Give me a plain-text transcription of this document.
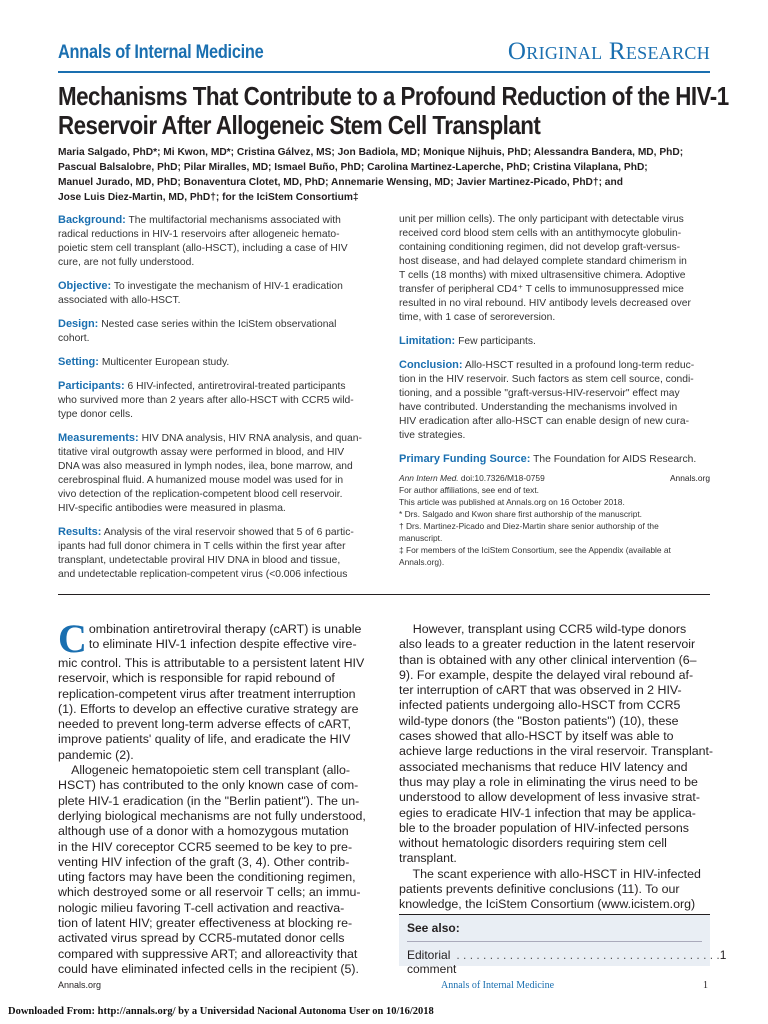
Annals of Internal Medicine	Original Research
Mechanisms That Contribute to a Profound Reduction of the HIV-1
Reservoir After Allogeneic Stem Cell Transplant
Maria Salgado, PhD*; Mi Kwon, MD*; Cristina Gálvez, MS; Jon Badiola, MD; Monique Nijhuis, PhD; Alessandra Bandera, MD, PhD;
Pascual Balsalobre, PhD; Pilar Miralles, MD; Ismael Buño, PhD; Carolina Martinez-Laperche, PhD; Cristina Vilaplana, PhD;
Manuel Jurado, MD, PhD; Bonaventura Clotet, MD, PhD; Annemarie Wensing, MD; Javier Martinez-Picado, PhD†; and
Jose Luis Diez-Martin, MD, PhD†; for the IciStem Consortium‡
Background: The multifactorial mechanisms associated with
radical reductions in HIV-1 reservoirs after allogeneic hemato-
poietic stem cell transplant (allo-HSCT), including a case of HIV
cure, are not fully understood.
Objective: To investigate the mechanism of HIV-1 eradication
associated with allo-HSCT.
Design: Nested case series within the IciStem observational
cohort.
Setting: Multicenter European study.
Participants: 6 HIV-infected, antiretroviral-treated participants
who survived more than 2 years after allo-HSCT with CCR5 wild-
type donor cells.
Measurements: HIV DNA analysis, HIV RNA analysis, and quan-
titative viral outgrowth assay were performed in blood, and HIV
DNA was also measured in lymph nodes, ilea, bone marrow, and
cerebrospinal fluid. A humanized mouse model was used for in
vivo detection of the replication-competent blood cell reservoir.
HIV-specific antibodies were measured in plasma.
Results: Analysis of the viral reservoir showed that 5 of 6 partic-
ipants had full donor chimera in T cells within the first year after
transplant, undetectable proviral HIV DNA in blood and tissue,
and undetectable replication-competent virus (<0.006 infectious
unit per million cells). The only participant with detectable virus
received cord blood stem cells with an antithymocyte globulin-
containing conditioning regimen, did not develop graft-versus-
host disease, and had delayed complete standard chimerism in
T cells (18 months) with mixed ultrasensitive chimera. Adoptive
transfer of peripheral CD4⁺ T cells to immunosuppressed mice
resulted in no viral rebound. HIV antibody levels decreased over
time, with 1 case of seroreversion.
Limitation: Few participants.
Conclusion: Allo-HSCT resulted in a profound long-term reduc-
tion in the HIV reservoir. Such factors as stem cell source, condi-
tioning, and a possible "graft-versus-HIV-reservoir" effect may
have contributed. Understanding the mechanisms involved in
HIV eradication after allo-HSCT can enable design of new cura-
tive strategies.
Primary Funding Source: The Foundation for AIDS Research.
Ann Intern Med. doi:10.7326/M18-0759	Annals.org
For author affiliations, see end of text.
This article was published at Annals.org on 16 October 2018.
* Drs. Salgado and Kwon share first authorship of the manuscript.
† Drs. Martinez-Picado and Diez-Martin share senior authorship of the
manuscript.
‡ For members of the IciStem Consortium, see the Appendix (available at
Annals.org).
C ombination antiretroviral therapy (cART) is unable
to eliminate HIV-1 infection despite effective vire-
mic control. This is attributable to a persistent latent HIV
reservoir, which is responsible for rapid rebound of
replication-competent virus after treatment interruption
(1). Efforts to develop an effective curative strategy are
needed to prevent long-term adverse effects of cART,
improve patients' quality of life, and eradicate the HIV
pandemic (2).
Allogeneic hematopoietic stem cell transplant (allo-
HSCT) has contributed to the only known case of com-
plete HIV-1 eradication (in the "Berlin patient"). The un-
derlying biological mechanisms are not fully understood,
although use of a donor with a homozygous mutation
in the HIV coreceptor CCR5 seemed to be key to pre-
venting HIV infection of the graft (3, 4). Other contrib-
uting factors may have been the conditioning regimen,
which destroyed some or all reservoir T cells; an immu-
nologic milieu favoring T-cell activation and reactiva-
tion of latent HIV; greater effectiveness at blocking re-
activated virus spread by CCR5-mutated donor cells
compared with suppressive ART; and alloreactivity that
could have eliminated infected cells in the recipient (5).
However, transplant using CCR5 wild-type donors
also leads to a greater reduction in the latent reservoir
than is obtained with any other clinical intervention (6–
9). For example, despite the delayed viral rebound af-
ter interruption of cART that was observed in 2 HIV-
infected patients undergoing allo-HSCT from CCR5
wild-type donors (the "Boston patients") (10), these
cases showed that allo-HSCT by itself was able to
achieve large reductions in the viral reservoir. Transplant-
associated mechanisms that reduce HIV latency and
thus may play a role in eliminating the virus need to be
understood to allow development of less invasive strat-
egies to eradicate HIV-1 infection that may be applica-
ble to the broader population of HIV-infected persons
without hematologic disorders requiring stem cell
transplant.
The scant experience with allo-HSCT in HIV-infected
patients prevents definitive conclusions (11). To our
knowledge, the IciStem Consortium (www.icistem.org)
See also:
Editorial comment
. . . . . . . . . . . . . . . . . . . . . . . . . . . . . . . . . . . . . . . . 1
Annals.org	Annals of Internal Medicine	1
Downloaded From: http://annals.org/ by a Universidad Nacional Autonoma User on 10/16/2018
